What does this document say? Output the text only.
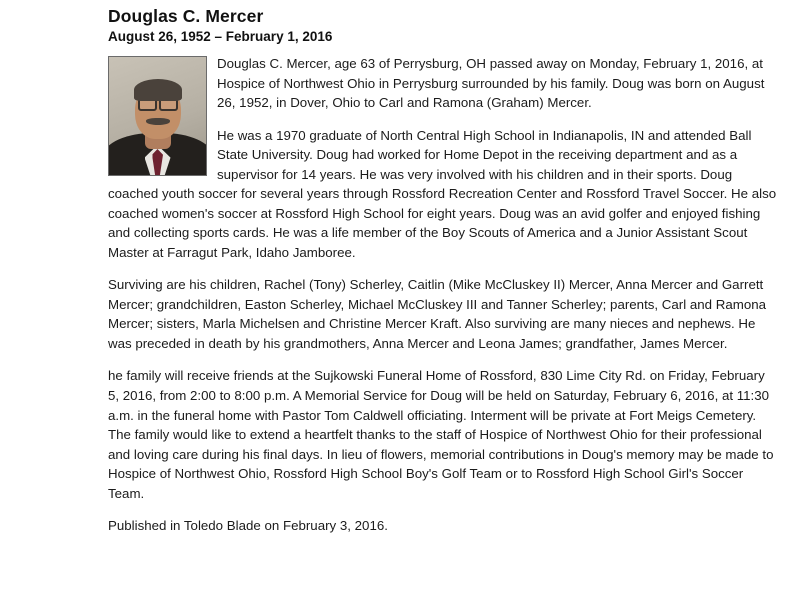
Douglas C. Mercer
August 26, 1952 – February 1, 2016

Douglas C. Mercer, age 63 of Perrysburg, OH passed away on Monday, February 1, 2016, at Hospice of Northwest Ohio in Perrysburg surrounded by his family. Doug was born on August 26, 1952, in Dover, Ohio to Carl and Ramona (Graham) Mercer.

He was a 1970 graduate of North Central High School in Indianapolis, IN and attended Ball State University. Doug had worked for Home Depot in the receiving department and as a supervisor for 14 years. He was very involved with his children and in their sports. Doug coached youth soccer for several years through Rossford Recreation Center and Rossford Travel Soccer. He also coached women's soccer at Rossford High School for eight years. Doug was an avid golfer and enjoyed fishing and collecting sports cards. He was a life member of the Boy Scouts of America and a Junior Assistant Scout Master at Farragut Park, Idaho Jamboree.

Surviving are his children, Rachel (Tony) Scherley, Caitlin (Mike McCluskey II) Mercer, Anna Mercer and Garrett Mercer; grandchildren, Easton Scherley, Michael McCluskey III and Tanner Scherley; parents, Carl and Ramona Mercer; sisters, Marla Michelsen and Christine Mercer Kraft. Also surviving are many nieces and nephews. He was preceded in death by his grandmothers, Anna Mercer and Leona James; grandfather, James Mercer.

he family will receive friends at the Sujkowski Funeral Home of Rossford, 830 Lime City Rd. on Friday, February 5, 2016, from 2:00 to 8:00 p.m. A Memorial Service for Doug will be held on Saturday, February 6, 2016, at 11:30 a.m. in the funeral home with Pastor Tom Caldwell officiating. Interment will be private at Fort Meigs Cemetery. The family would like to extend a heartfelt thanks to the staff of Hospice of Northwest Ohio for their professional and loving care during his final days. In lieu of flowers, memorial contributions in Doug's memory may be made to Hospice of Northwest Ohio, Rossford High School Boy's Golf Team or to Rossford High School Girl's Soccer Team.

Published in Toledo Blade on February 3, 2016.
